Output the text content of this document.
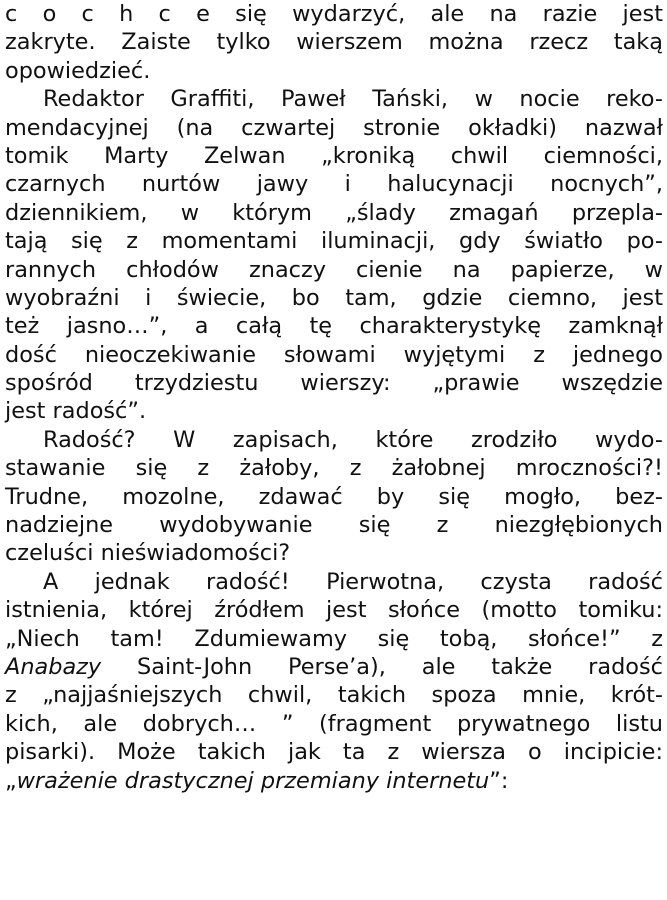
c o c h c e się wydarzyć, ale na razie jest
zakryte. Zaiste tylko wierszem można rzecz taką
opowiedzieć.
Redaktor Graffiti, Paweł Tański, w nocie reko-
mendacyjnej (na czwartej stronie okładki) nazwał
tomik Marty Zelwan „kroniką chwil ciemności,
czarnych nurtów jawy i halucynacji nocnych”,
dziennikiem, w którym „ślady zmagań przepla-
tają się z momentami iluminacji, gdy światło po-
rannych chłodów znaczy cienie na papierze, w
wyobraźni i świecie, bo tam, gdzie ciemno, jest
też jasno…”, a całą tę charakterystykę zamknął
dość nieoczekiwanie słowami wyjętymi z jednego
spośród trzydziestu wierszy: „prawie wszędzie
jest radość”.
Radość? W zapisach, które zrodziło wydo-
stawanie się z żałoby, z żałobnej mroczności?!
Trudne, mozolne, zdawać by się mogło, bez-
nadziejne wydobywanie się z niezgłębionych
czeluści nieświadomości?
A jednak radość! Pierwotna, czysta radość
istnienia, której źródłem jest słońce (motto tomiku:
„Niech tam! Zdumiewamy się tobą, słońce!” z
Anabazy Saint-John Perse’a), ale także radość
z „najjaśniejszych chwil, takich spoza mnie, krót-
kich, ale dobrych… ” (fragment prywatnego listu
pisarki). Może takich jak ta z wiersza o incipicie:
„wrażenie drastycznej przemiany internetu”:
